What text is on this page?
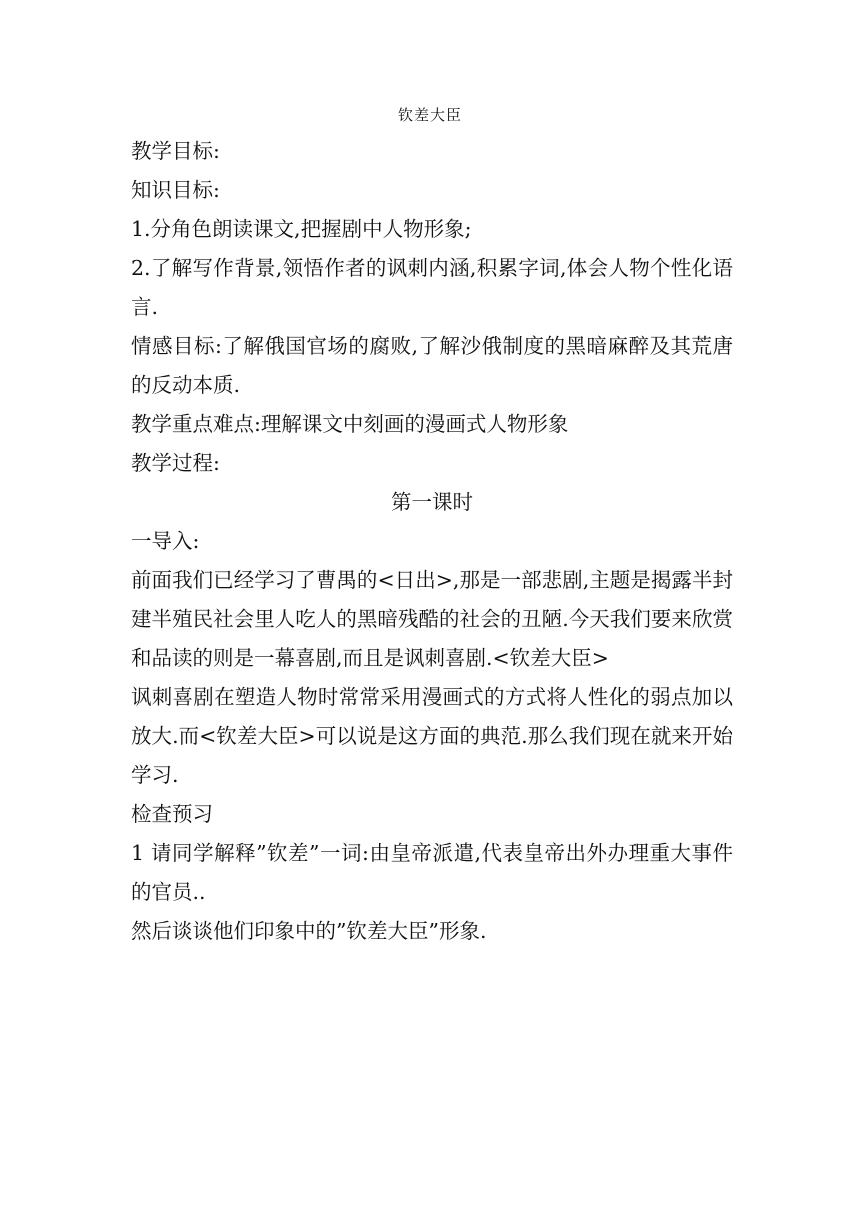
钦差大臣

教学目标:

知识目标:

1.分角色朗读课文,把握剧中人物形象;

2.了解写作背景,领悟作者的讽刺内涵,积累字词,体会人物个性化语言.

情感目标:了解俄国官场的腐败,了解沙俄制度的黑暗麻醉及其荒唐的反动本质.

教学重点难点:理解课文中刻画的漫画式人物形象

教学过程:

第一课时

一导入:

前面我们已经学习了曹禺的<日出>,那是一部悲剧,主题是揭露半封建半殖民社会里人吃人的黑暗残酷的社会的丑陋.今天我们要来欣赏和品读的则是一幕喜剧,而且是讽刺喜剧.<钦差大臣>

讽刺喜剧在塑造人物时常常采用漫画式的方式将人性化的弱点加以放大.而<钦差大臣>可以说是这方面的典范.那么我们现在就来开始学习.

检查预习

1 请同学解释”钦差”一词:由皇帝派遣,代表皇帝出外办理重大事件的官员..

然后谈谈他们印象中的”钦差大臣”形象.
